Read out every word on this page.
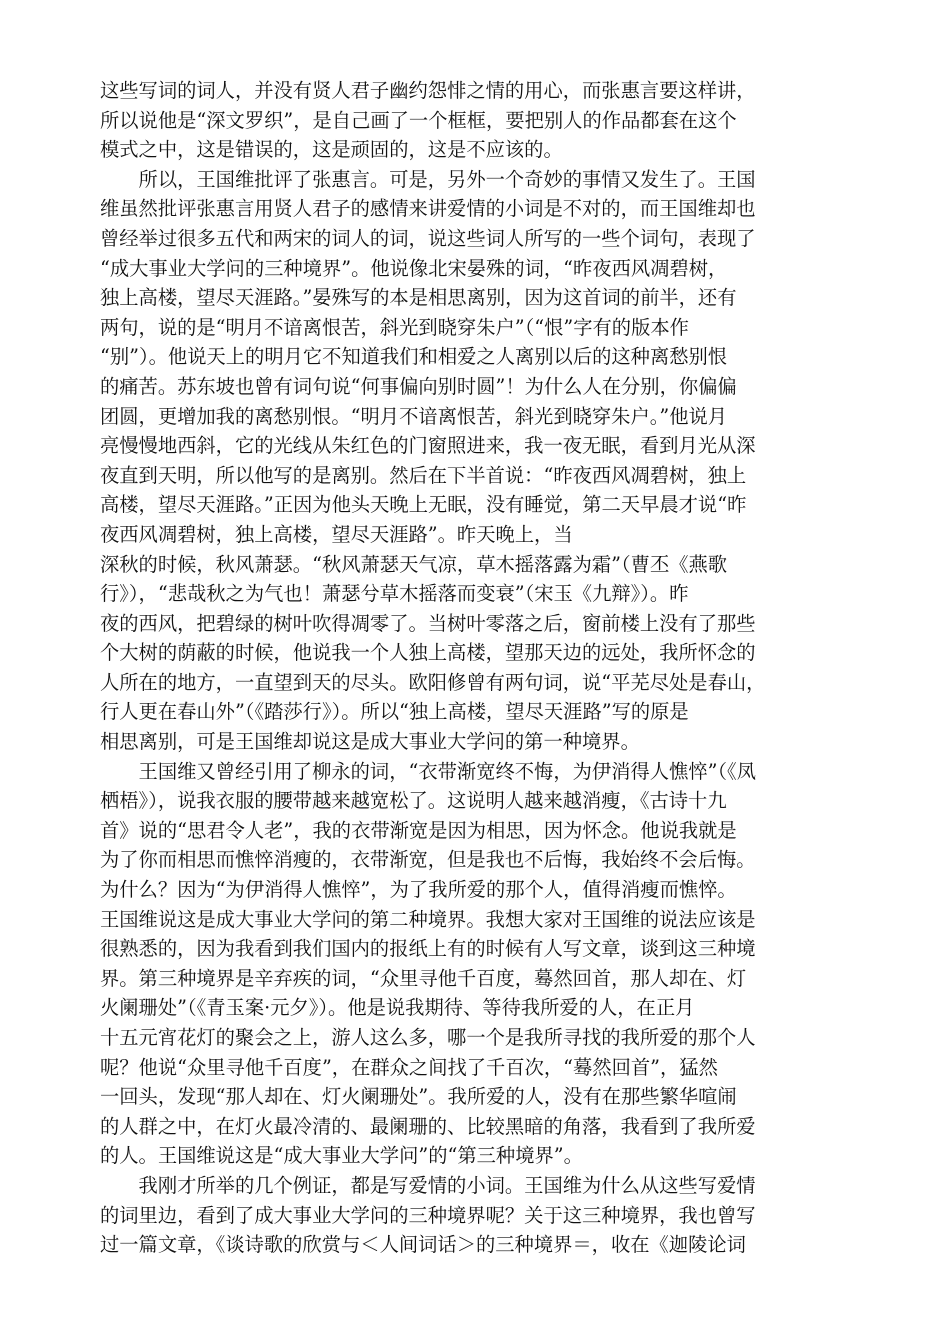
这些写词的词人，并没有贤人君子幽约怨悱之情的用心，而张惠言要这样讲，
所以说他是“深文罗织”，是自己画了一个框框，要把别人的作品都套在这个
模式之中，这是错误的，这是顽固的，这是不应该的。
　　所以，王国维批评了张惠言。可是，另外一个奇妙的事情又发生了。王国
维虽然批评张惠言用贤人君子的感情来讲爱情的小词是不对的，而王国维却也
曾经举过很多五代和两宋的词人的词，说这些词人所写的一些个词句，表现了
“成大事业大学问的三种境界”。他说像北宋晏殊的词，“昨夜西风凋碧树，
独上高楼，望尽天涯路。”晏殊写的本是相思离别，因为这首词的前半，还有
两句，说的是“明月不谙离恨苦，斜光到晓穿朱户”（“恨”字有的版本作
“别”）。他说天上的明月它不知道我们和相爱之人离别以后的这种离愁别恨
的痛苦。苏东坡也曾有词句说“何事偏向别时圆”！为什么人在分别，你偏偏
团圆，更增加我的离愁别恨。“明月不谙离恨苦，斜光到晓穿朱户。”他说月
亮慢慢地西斜，它的光线从朱红色的门窗照进来，我一夜无眠，看到月光从深
夜直到天明，所以他写的是离别。然后在下半首说：“昨夜西风凋碧树，独上
高楼，望尽天涯路。”正因为他头天晚上无眠，没有睡觉，第二天早晨才说“昨
夜西风凋碧树，独上高楼，望尽天涯路”。昨天晚上，当
深秋的时候，秋风萧瑟。“秋风萧瑟天气凉，草木摇落露为霜”（曹丕《燕歌
行》），“悲哉秋之为气也！萧瑟兮草木摇落而变衰”（宋玉《九辩》）。昨
夜的西风，把碧绿的树叶吹得凋零了。当树叶零落之后，窗前楼上没有了那些
个大树的荫蔽的时候，他说我一个人独上高楼，望那天边的远处，我所怀念的
人所在的地方，一直望到天的尽头。欧阳修曾有两句词，说“平芜尽处是春山，
行人更在春山外”（《踏莎行》）。所以“独上高楼，望尽天涯路”写的原是
相思离别，可是王国维却说这是成大事业大学问的第一种境界。
　　王国维又曾经引用了柳永的词，“衣带渐宽终不悔，为伊消得人憔悴”（《凤
栖梧》），说我衣服的腰带越来越宽松了。这说明人越来越消瘦，《古诗十九
首》说的“思君令人老”，我的衣带渐宽是因为相思，因为怀念。他说我就是
为了你而相思而憔悴消瘦的，衣带渐宽，但是我也不后悔，我始终不会后悔。
为什么？因为“为伊消得人憔悴”，为了我所爱的那个人，值得消瘦而憔悴。
王国维说这是成大事业大学问的第二种境界。我想大家对王国维的说法应该是
很熟悉的，因为我看到我们国内的报纸上有的时候有人写文章，谈到这三种境
界。第三种境界是辛弃疾的词，“众里寻他千百度，蓦然回首，那人却在、灯
火阑珊处”（《青玉案·元夕》）。他是说我期待、等待我所爱的人，在正月
十五元宵花灯的聚会之上，游人这么多，哪一个是我所寻找的我所爱的那个人
呢？他说“众里寻他千百度”，在群众之间找了千百次，“蓦然回首”，猛然
一回头，发现“那人却在、灯火阑珊处”。我所爱的人，没有在那些繁华喧闹
的人群之中，在灯火最冷清的、最阑珊的、比较黑暗的角落，我看到了我所爱
的人。王国维说这是“成大事业大学问”的“第三种境界”。
　　我刚才所举的几个例证，都是写爱情的小词。王国维为什么从这些写爱情
的词里边，看到了成大事业大学问的三种境界呢？关于这三种境界，我也曾写
过一篇文章，《谈诗歌的欣赏与＜人间词话＞的三种境界＝，收在《迦陵论词
